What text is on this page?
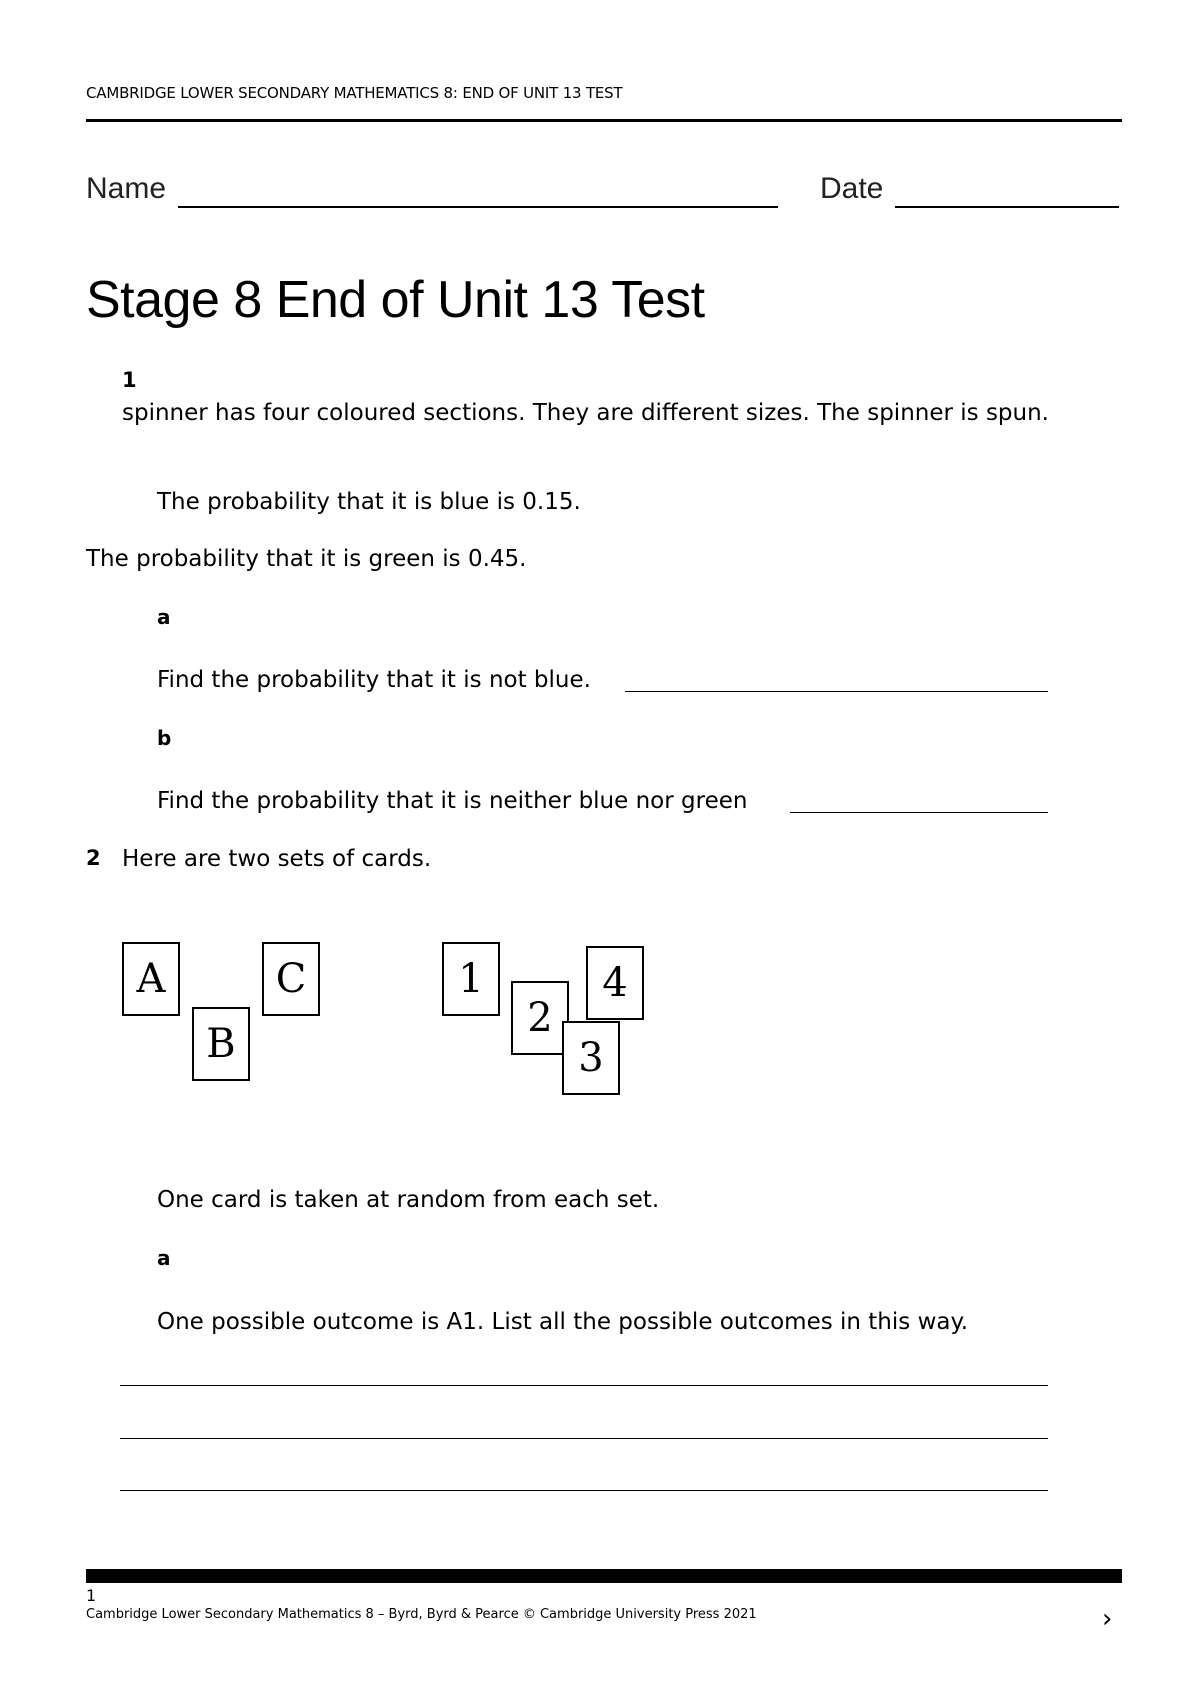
CAMBRIDGE LOWER SECONDARY MATHEMATICS 8: END OF UNIT 13 TEST
Name	Date
Stage 8 End of Unit 13 Test
1
spinner has four coloured sections. They are different sizes. The spinner is spun.
The probability that it is blue is 0.15.
The probability that it is green is 0.45.
a
Find the probability that it is not blue.
b
Find the probability that it is neither blue nor green
2 Here are two sets of cards.
A
B
C	1
2
4
3
One card is taken at random from each set.
a
One possible outcome is A1. List all the possible outcomes in this way.
1
Cambridge Lower Secondary Mathematics 8 – Byrd, Byrd & Pearce © Cambridge University Press 2021	›
